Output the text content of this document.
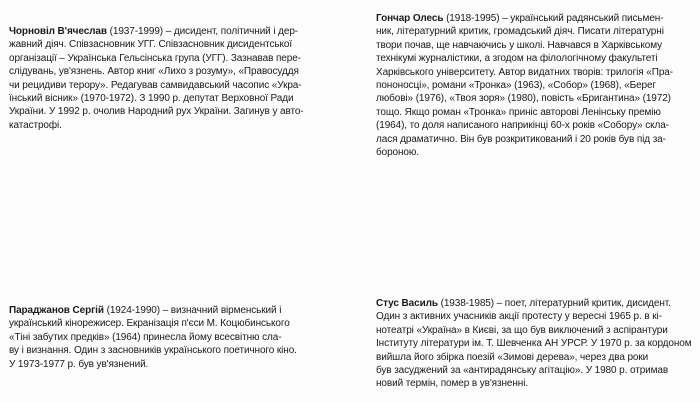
Чорновіл В'ячеслав (1937-1999) – дисидент, політичний і дер-
жавний діяч. Співзасновник УГГ. Співзасновник дисидентської
організації – Українська Гельсінська група (УГГ). Зазнавав пере-
слідувань, ув'язнень. Автор книг «Лихо з розуму», «Правосуддя
чи рецидиви терору». Редагував самвидавський часопис «Укра-
їнський вісник» (1970-1972). З 1990 р. депутат Верховної Ради
України. У 1992 р. очолив Народний рух України. Загинув у авто-
катастрофі.
Гончар Олесь (1918-1995) – український радянський письмен-
ник, літературний критик, громадський діяч. Писати літературні
твори почав, ще навчаючись у школі. Навчався в Харківському
технікумі журналістики, а згодом на філологічному факультеті
Харківського університету. Автор видатних творів: трилогія «Пра-
пононосці», романи «Тронка» (1963), «Собор» (1968), «Берег
любові» (1976), «Твоя зоря» (1980), повість «Бригантина» (1972)
тощо. Якщо роман «Тронка» приніс авторові Ленінську премію
(1964), то доля написаного наприкінці 60-х років «Собору» скла-
лася драматично. Він був розкритикований і 20 років був під за-
бороною.
Параджанов Сергій (1924-1990) – визначний вірменський і
український кінорежисер. Екранізація п'єси М. Коцюбинського
«Тіні забутих предків» (1964) принесла йому всесвітню сла-
ву і визнання. Один з засновників українського поетичного кіно.
У 1973-1977 р. був ув'язнений.
Стус Василь (1938-1985) – поет, літературний критик, дисидент.
Один з активних учасників акції протесту у вересні 1965 р. в кі-
нотеатрі «Україна» в Києві, за що був виключений з аспірантури
Інституту літератури ім. Т. Шевченка АН УРСР. У 1970 р. за кордоном
вийшла його збірка поезій «Зимові дерева», через два роки
був засуджений за «антирадянську агітацію». У 1980 р. отримав
новий термін, помер в ув'язненні.
